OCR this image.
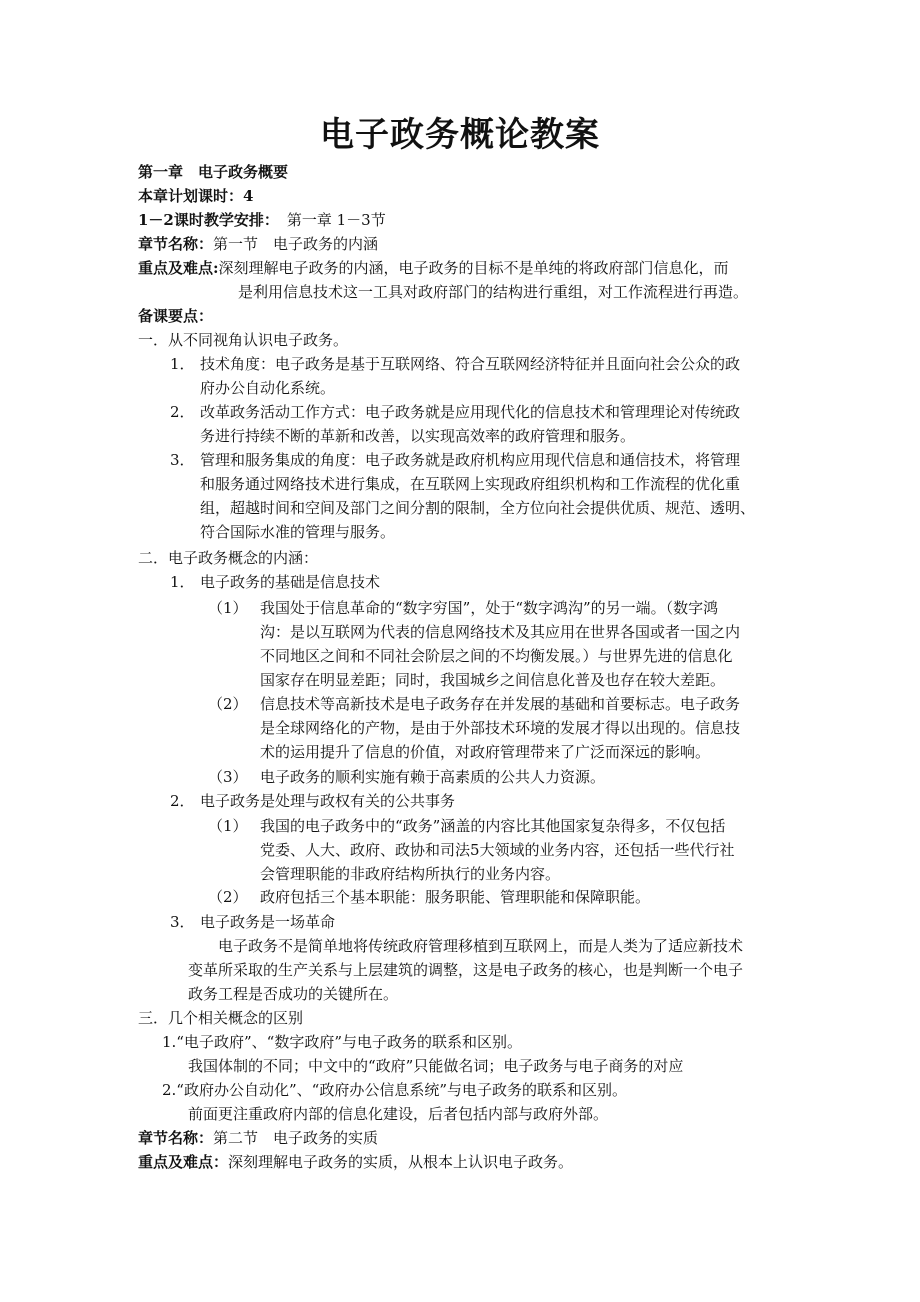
电子政务概论教案
第一章　电子政务概要
本章计划课时：4
1－2课时教学安排： 第一章 1－3节
章节名称：第一节　电子政务的内涵
重点及难点:深刻理解电子政务的内涵，电子政务的目标不是单纯的将政府部门信息化，而
是利用信息技术这一工具对政府部门的结构进行重组，对工作流程进行再造。
备课要点：
一．从不同视角认识电子政务。
1． 技术角度：电子政务是基于互联网络、符合互联网经济特征并且面向社会公众的政
府办公自动化系统。
2． 改革政务活动工作方式：电子政务就是应用现代化的信息技术和管理理论对传统政
务进行持续不断的革新和改善，以实现高效率的政府管理和服务。
3． 管理和服务集成的角度：电子政务就是政府机构应用现代信息和通信技术，将管理
和服务通过网络技术进行集成，在互联网上实现政府组织机构和工作流程的优化重
组，超越时间和空间及部门之间分割的限制，全方位向社会提供优质、规范、透明、
符合国际水准的管理与服务。
二．电子政务概念的内涵：
1． 电子政务的基础是信息技术
（1） 我国处于信息革命的“数字穷国”，处于“数字鸿沟”的另一端。（数字鸿
沟：是以互联网为代表的信息网络技术及其应用在世界各国或者一国之内
不同地区之间和不同社会阶层之间的不均衡发展。）与世界先进的信息化
国家存在明显差距；同时，我国城乡之间信息化普及也存在较大差距。
（2） 信息技术等高新技术是电子政务存在并发展的基础和首要标志。电子政务
是全球网络化的产物，是由于外部技术环境的发展才得以出现的。信息技
术的运用提升了信息的价值，对政府管理带来了广泛而深远的影响。
（3） 电子政务的顺利实施有赖于高素质的公共人力资源。
2． 电子政务是处理与政权有关的公共事务
（1） 我国的电子政务中的“政务”涵盖的内容比其他国家复杂得多，不仅包括
党委、人大、政府、政协和司法5大领域的业务内容，还包括一些代行社
会管理职能的非政府结构所执行的业务内容。
（2） 政府包括三个基本职能：服务职能、管理职能和保障职能。
3． 电子政务是一场革命
电子政务不是简单地将传统政府管理移植到互联网上，而是人类为了适应新技术
变革所采取的生产关系与上层建筑的调整，这是电子政务的核心，也是判断一个电子
政务工程是否成功的关键所在。
三．几个相关概念的区别
1.“电子政府”、“数字政府”与电子政务的联系和区别。
我国体制的不同；中文中的“政府”只能做名词；电子政务与电子商务的对应
2.“政府办公自动化”、“政府办公信息系统”与电子政务的联系和区别。
前面更注重政府内部的信息化建设，后者包括内部与政府外部。
章节名称：第二节　电子政务的实质
重点及难点：深刻理解电子政务的实质，从根本上认识电子政务。
